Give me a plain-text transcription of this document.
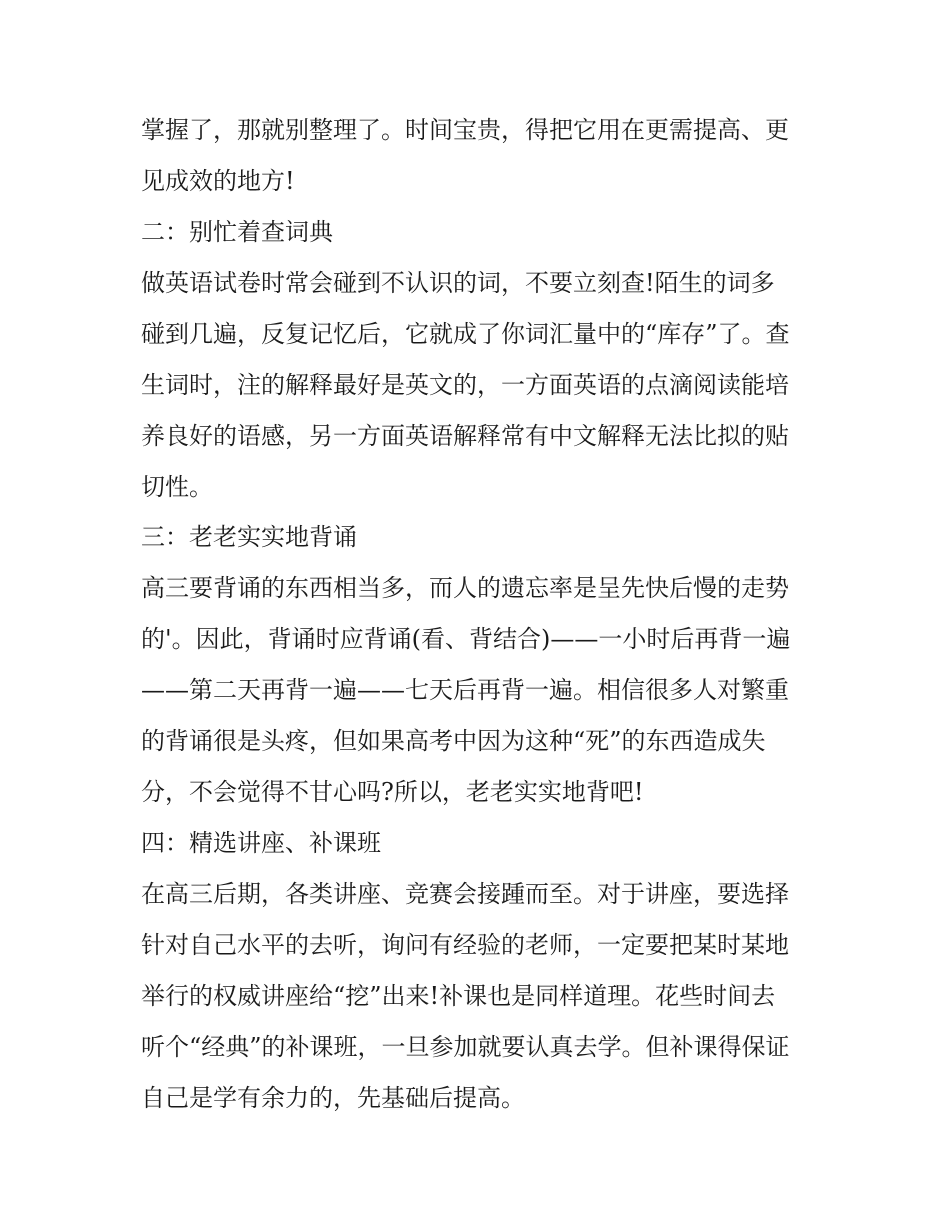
掌握了，那就别整理了。时间宝贵，得把它用在更需提高、更
见成效的地方!
二：别忙着查词典
做英语试卷时常会碰到不认识的词，不要立刻查!陌生的词多
碰到几遍，反复记忆后，它就成了你词汇量中的“库存”了。查
生词时，注的解释最好是英文的，一方面英语的点滴阅读能培
养良好的语感，另一方面英语解释常有中文解释无法比拟的贴
切性。
三：老老实实地背诵
高三要背诵的东西相当多，而人的遗忘率是呈先快后慢的走势
的'。因此，背诵时应背诵(看、背结合)——一小时后再背一遍
——第二天再背一遍——七天后再背一遍。相信很多人对繁重
的背诵很是头疼，但如果高考中因为这种“死”的东西造成失
分，不会觉得不甘心吗?所以，老老实实地背吧!
四：精选讲座、补课班
在高三后期，各类讲座、竞赛会接踵而至。对于讲座，要选择
针对自己水平的去听，询问有经验的老师，一定要把某时某地
举行的权威讲座给“挖”出来!补课也是同样道理。花些时间去
听个“经典”的补课班，一旦参加就要认真去学。但补课得保证
自己是学有余力的，先基础后提高。
